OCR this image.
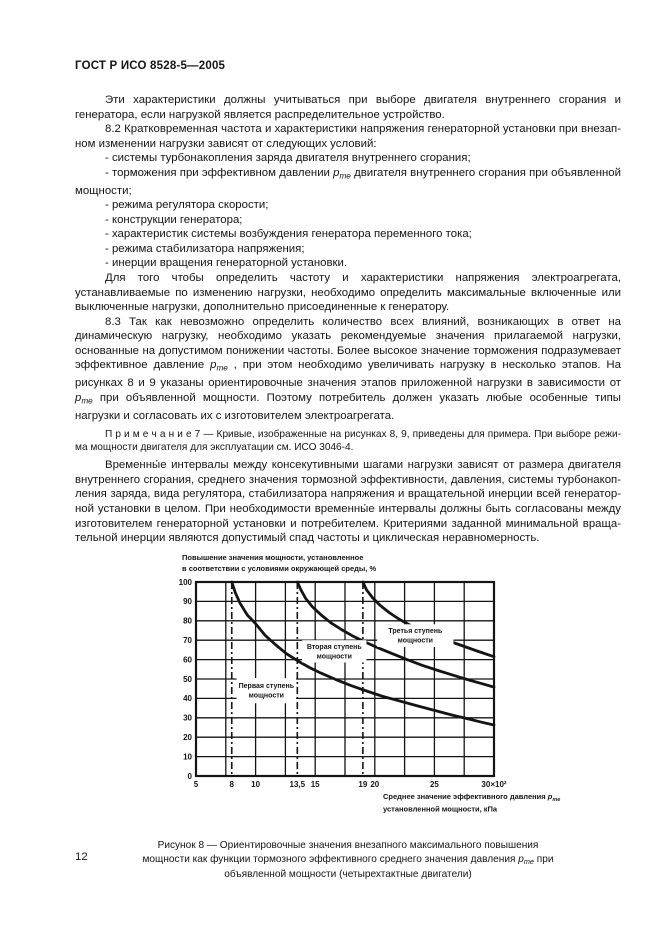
ГОСТ Р ИСО 8528-5—2005

Эти характеристики должны учитываться при выборе двигателя внутреннего сгорания и генератора, если нагрузкой является распределительное устройство.

8.2 Кратковременная частота и характеристики напряжения генераторной установки при внезапном изменении нагрузки зависят от следующих условий:

- системы турбонакопления заряда двигателя внутреннего сгорания;

- торможения при эффективном давлении $p_{me}$ двигателя внутреннего сгорания при объявленной мощности;

- режима регулятора скорости;

- конструкции генератора;

- характеристик системы возбуждения генератора переменного тока;

- режима стабилизатора напряжения;

- инерции вращения генераторной установки.

Для того чтобы определить частоту и характеристики напряжения электроагрегата, устанавливаемые по изменению нагрузки, необходимо определить максимальные включенные или выключенные нагрузки, дополнительно присоединенные к генератору.

8.3 Так как невозможно определить количество всех влияний, возникающих в ответ на динамическую нагрузку, необходимо указать рекомендуемые значения прилагаемой нагрузки, основанные на допустимом понижении частоты. Более высокое значение торможения подразумевает эффективное давление $p_{me}$ , при этом необходимо увеличивать нагрузку в несколько этапов. На рисунках 8 и 9 указаны ориентировочные значения этапов приложенной нагрузки в зависимости от $p_{me}$ при объявленной мощности. Поэтому потребитель должен указать любые особенные типы нагрузки и согласовать их с изготовителем электроагрегата.

П р и м е ч а н и е 7 — Кривые, изображенные на рисунках 8, 9, приведены для примера. При выборе режима мощности двигателя для эксплуатации см. ИСО 3046-4.

Временны́е интервалы между консекутивными шагами нагрузки зависят от размера двигателя внутреннего сгорания, среднего значения тормозной эффективности, давления, системы турбонакопления заряда, вида регулятора, стабилизатора напряжения и вращательной инерции всей генераторной установки в целом. При необходимости временны́е интервалы должны быть согласованы между изготовителем генераторной установки и потребителем. Критериями заданной минимальной вращательной инерции являются допустимый спад частоты и циклическая неравномерность.

Первая ступень
мощности
Вторая ступень
мощности
Третья ступень
мощности
0
10
20
30
40
50
60
70
80
90
100
5	8 10	13,5 15	19 20	25	30×10²
Повышение значения мощности, установленное
в соответствии с условиями окружающей среды, %
Среднее значение эффективного давления $p_{me}$
установленной мощности, кПа

Рисунок 8 — Ориентировочные значения внезапного максимального повышения мощности как функции тормозного эффективного среднего значения давления $p_{me}$ при объявленной мощности (четырехтактные двигатели)

12
